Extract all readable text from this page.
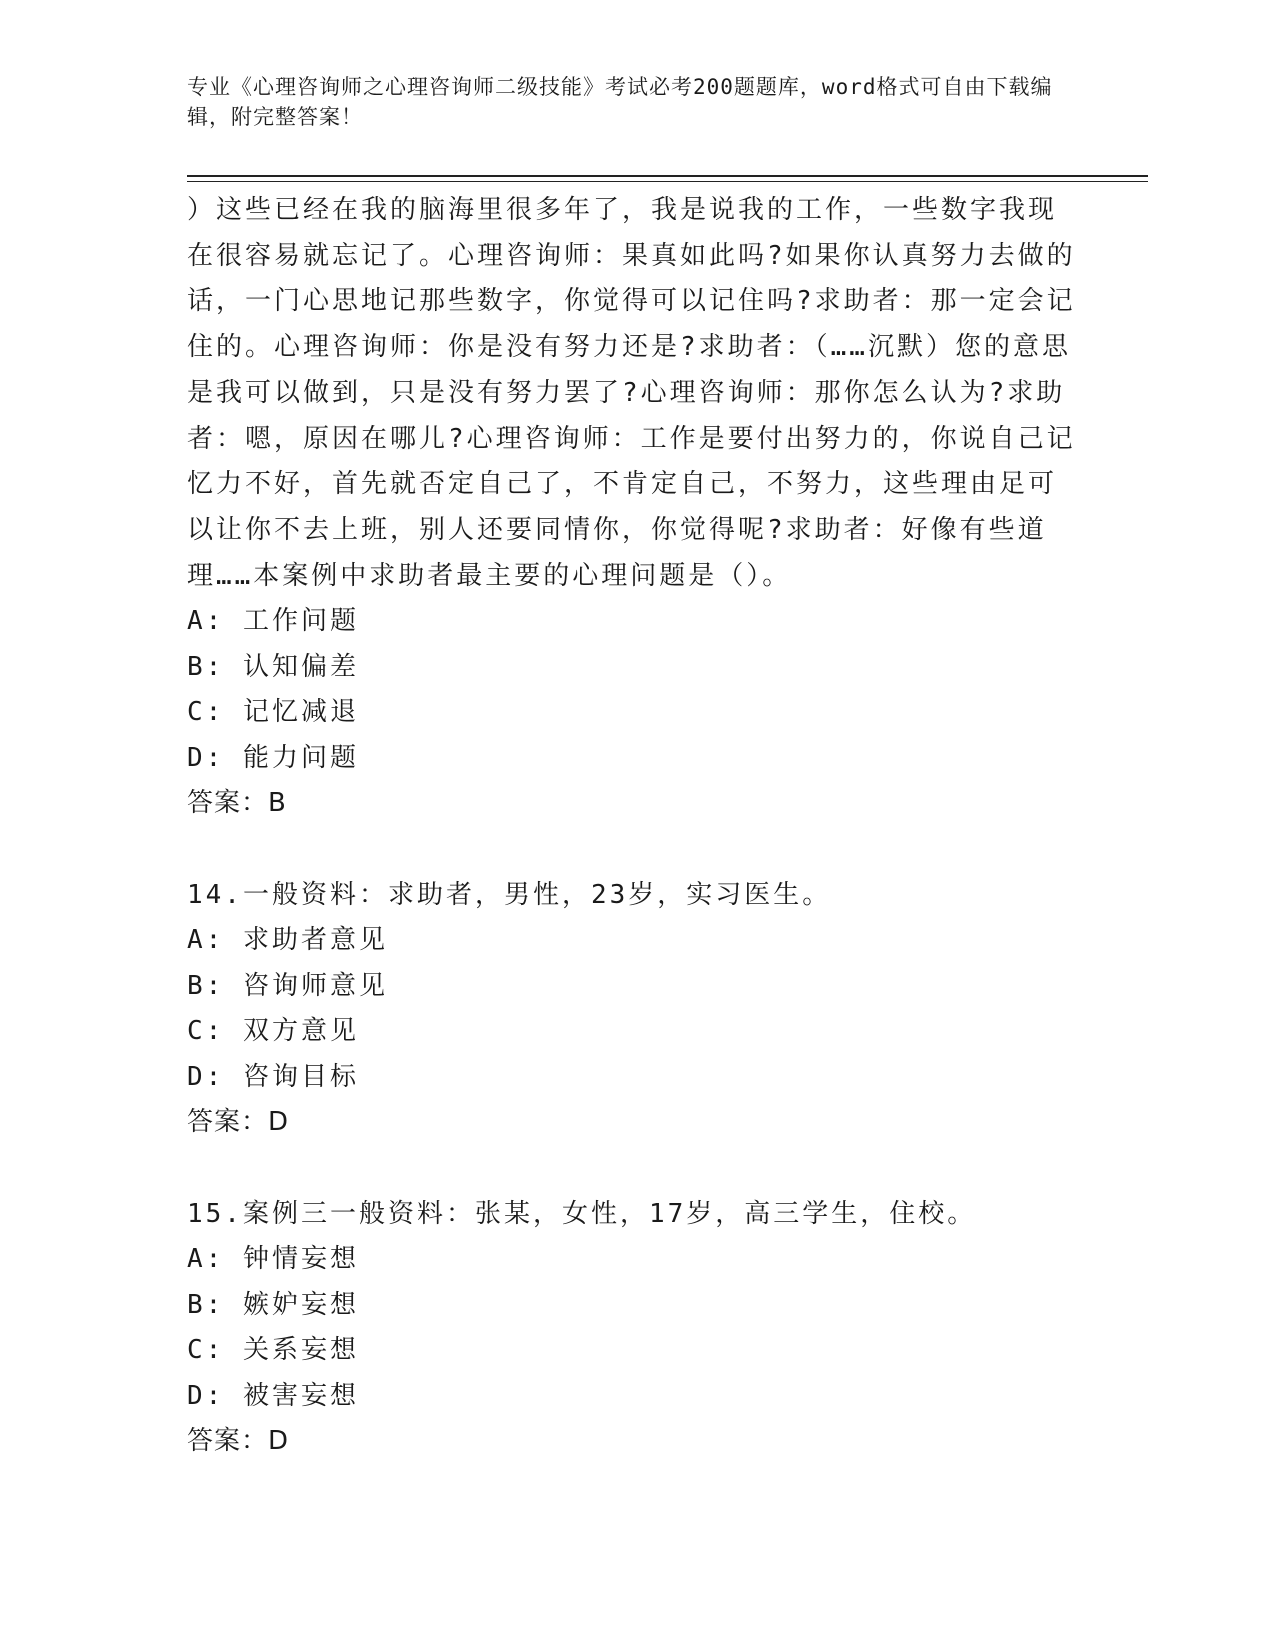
专业《心理咨询师之心理咨询师二级技能》考试必考200题题库，word格式可自由下载编辑，附完整答案！

）这些已经在我的脑海里很多年了，我是说我的工作，一些数字我现在很容易就忘记了。心理咨询师：果真如此吗?如果你认真努力去做的话，一门心思地记那些数字，你觉得可以记住吗?求助者：那一定会记住的。心理咨询师：你是没有努力还是?求助者：（……沉默）您的意思是我可以做到，只是没有努力罢了?心理咨询师：那你怎么认为?求助者：嗯，原因在哪儿?心理咨询师：工作是要付出努力的，你说自己记忆力不好，首先就否定自己了，不肯定自己，不努力，这些理由足可以让你不去上班，别人还要同情你，你觉得呢?求助者：好像有些道理……本案例中求助者最主要的心理问题是（）。

A: 工作问题
B: 认知偏差
C: 记忆减退
D: 能力问题
答案：B
14.一般资料：求助者，男性，23岁，实习医生。
A: 求助者意见
B: 咨询师意见
C: 双方意见
D: 咨询目标
答案：D
15.案例三一般资料：张某，女性，17岁，高三学生，住校。
A: 钟情妄想
B: 嫉妒妄想
C: 关系妄想
D: 被害妄想
答案：D
